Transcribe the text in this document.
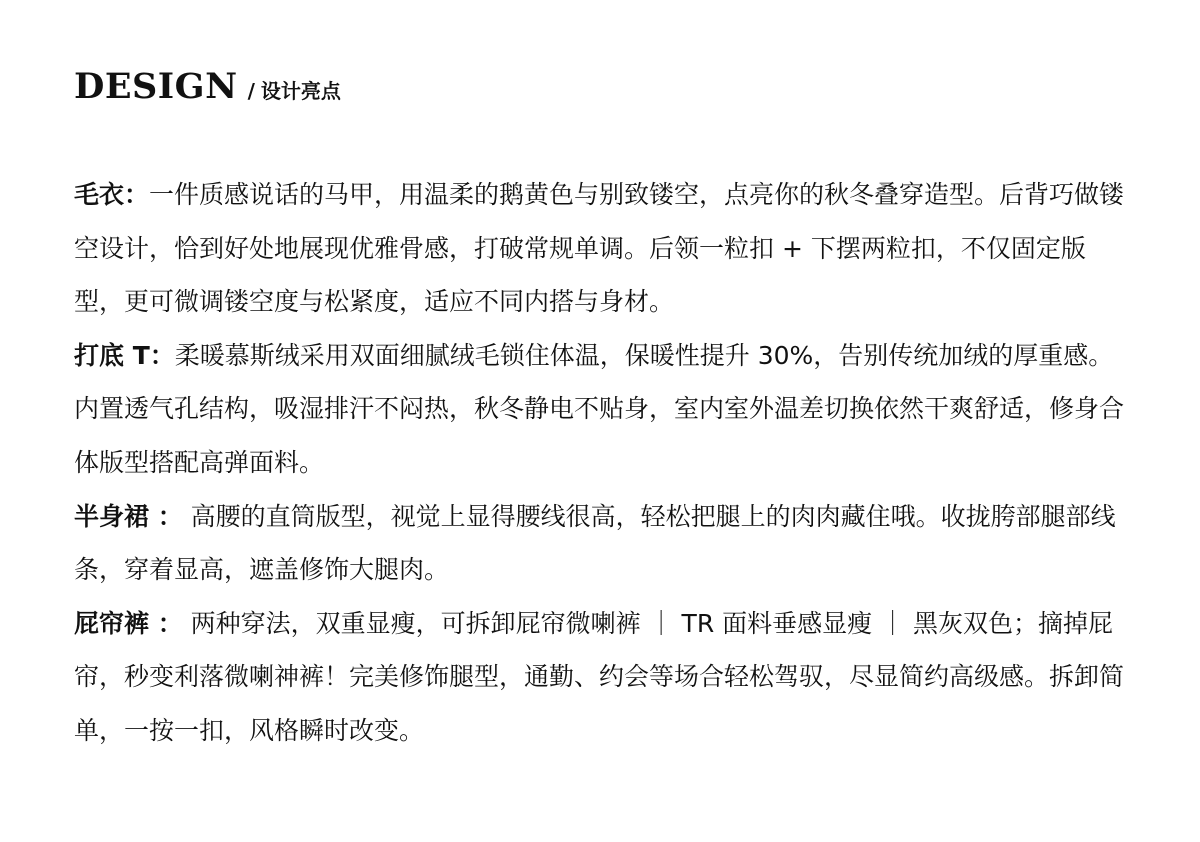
DESIGN / 设计亮点

毛衣：一件质感说话的马甲，用温柔的鹅黄色与别致镂空，点亮你的秋冬叠穿造型。后背巧做镂空设计，恰到好处地展现优雅骨感，打破常规单调。后领一粒扣 + 下摆两粒扣，不仅固定版型，更可微调镂空度与松紧度，适应不同内搭与身材。

打底 T：柔暖慕斯绒采用双面细腻绒毛锁住体温，保暖性提升 30%，告别传统加绒的厚重感。内置透气孔结构，吸湿排汗不闷热，秋冬静电不贴身，室内室外温差切换依然干爽舒适，修身合体版型搭配高弹面料。

半身裙 ： 高腰的直筒版型，视觉上显得腰线很高，轻松把腿上的肉肉藏住哦。收拢胯部腿部线条，穿着显高，遮盖修饰大腿肉。

屁帘裤 ： 两种穿法，双重显瘦，可拆卸屁帘微喇裤 ｜ TR 面料垂感显瘦 ｜ 黑灰双色；摘掉屁帘，秒变利落微喇神裤！完美修饰腿型，通勤、约会等场合轻松驾驭，尽显简约高级感。拆卸简单，一按一扣，风格瞬时改变。
